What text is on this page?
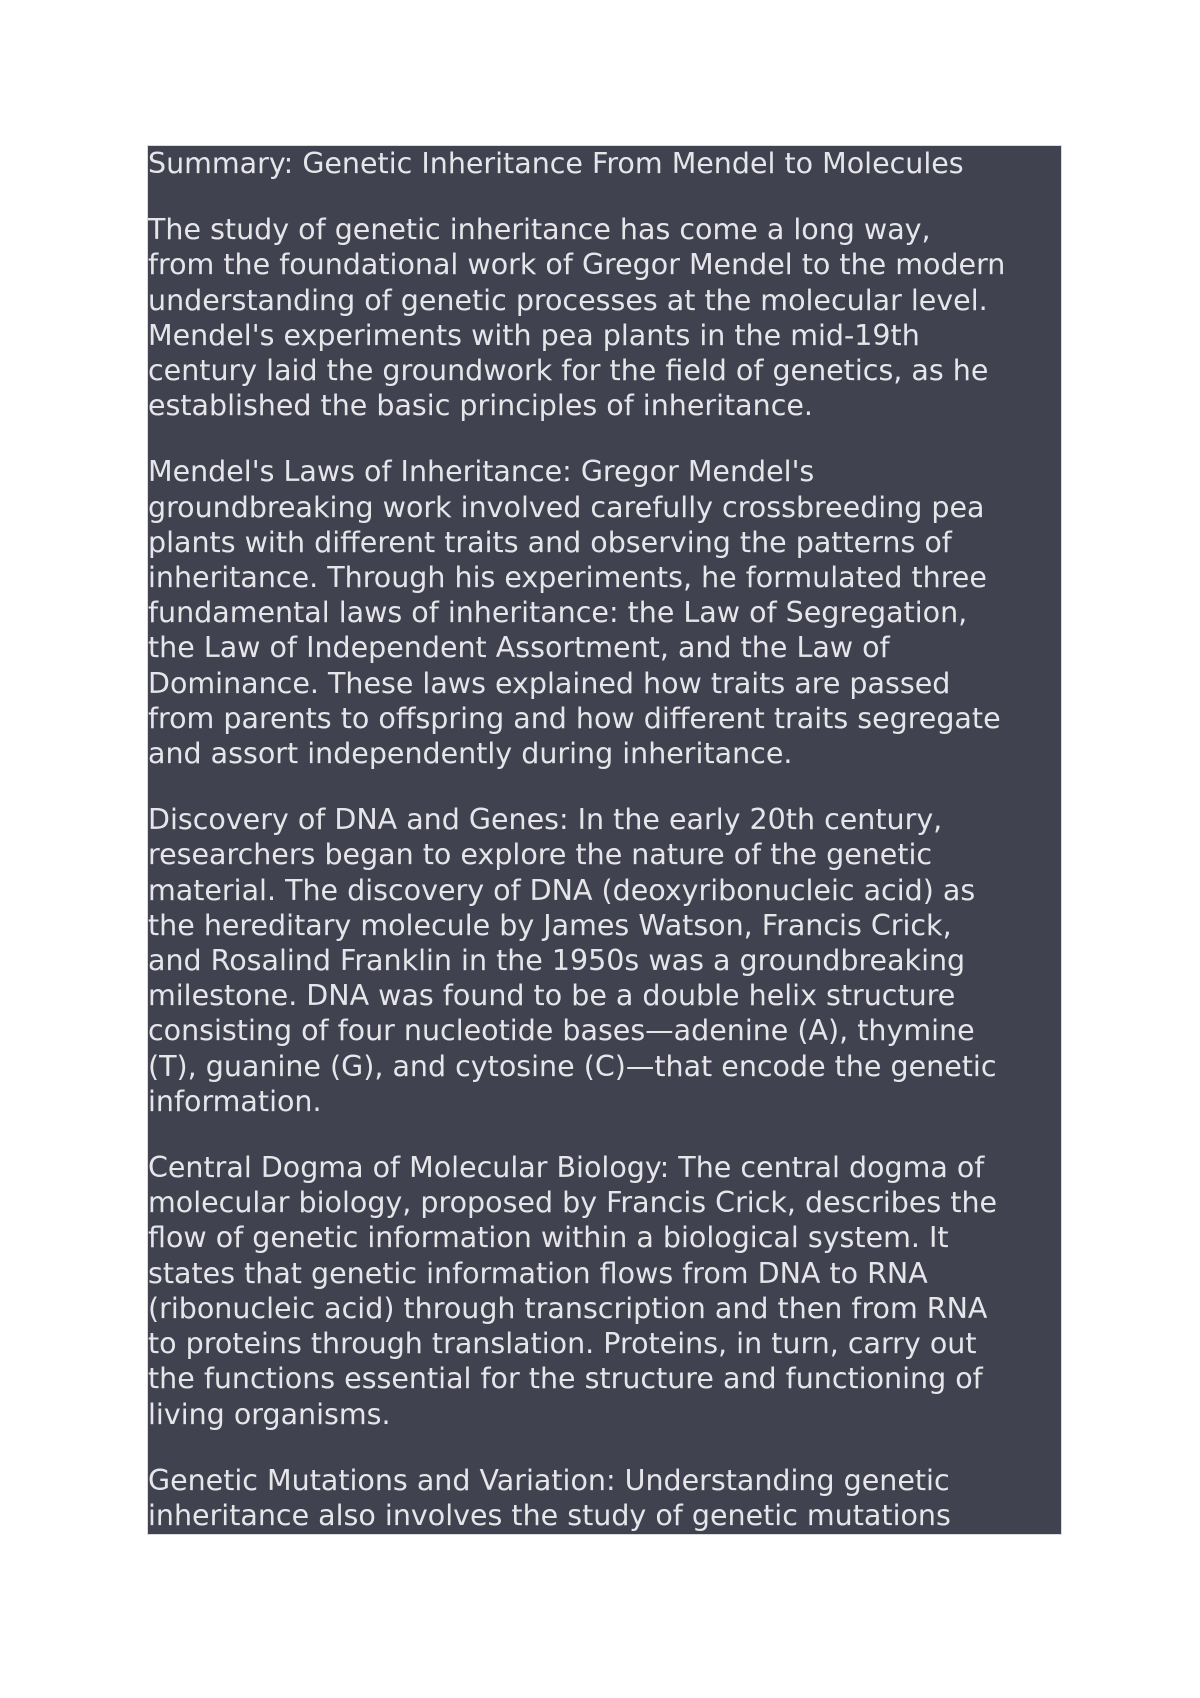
Summary: Genetic Inheritance From Mendel to Molecules
The study of genetic inheritance has come a long way,
from the foundational work of Gregor Mendel to the modern
understanding of genetic processes at the molecular level.
Mendel's experiments with pea plants in the mid-19th
century laid the groundwork for the field of genetics, as he
established the basic principles of inheritance.
Mendel's Laws of Inheritance: Gregor Mendel's
groundbreaking work involved carefully crossbreeding pea
plants with different traits and observing the patterns of
inheritance. Through his experiments, he formulated three
fundamental laws of inheritance: the Law of Segregation,
the Law of Independent Assortment, and the Law of
Dominance. These laws explained how traits are passed
from parents to offspring and how different traits segregate
and assort independently during inheritance.
Discovery of DNA and Genes: In the early 20th century,
researchers began to explore the nature of the genetic
material. The discovery of DNA (deoxyribonucleic acid) as
the hereditary molecule by James Watson, Francis Crick,
and Rosalind Franklin in the 1950s was a groundbreaking
milestone. DNA was found to be a double helix structure
consisting of four nucleotide bases—adenine (A), thymine
(T), guanine (G), and cytosine (C)—that encode the genetic
information.
Central Dogma of Molecular Biology: The central dogma of
molecular biology, proposed by Francis Crick, describes the
flow of genetic information within a biological system. It
states that genetic information flows from DNA to RNA
(ribonucleic acid) through transcription and then from RNA
to proteins through translation. Proteins, in turn, carry out
the functions essential for the structure and functioning of
living organisms.
Genetic Mutations and Variation: Understanding genetic
inheritance also involves the study of genetic mutations
